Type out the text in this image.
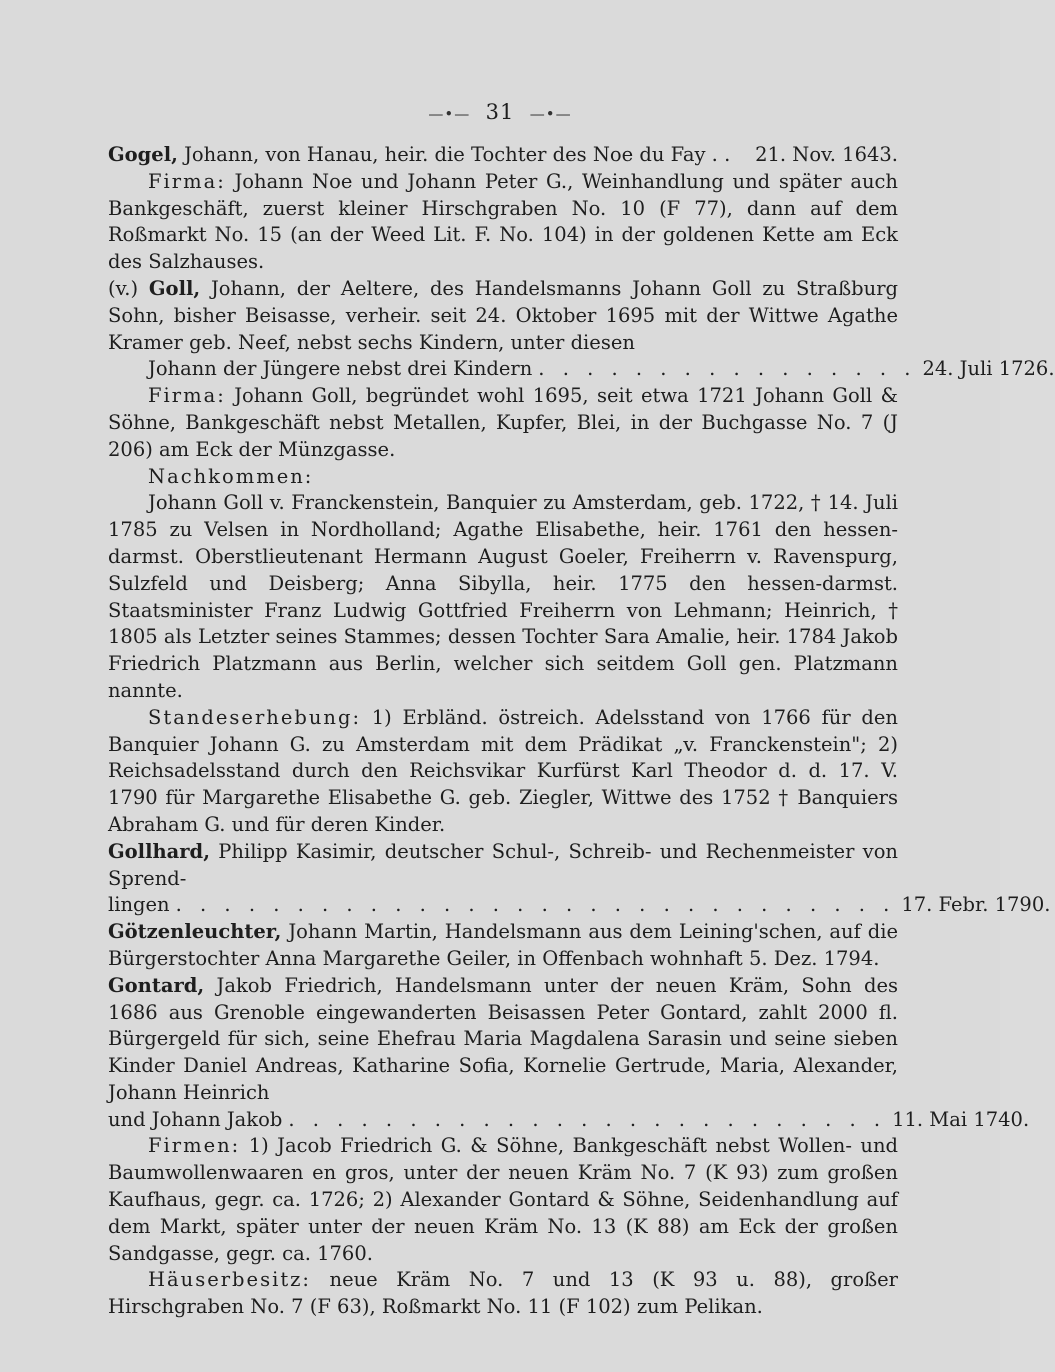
—•— 31 —•—
Gogel, Johann, von Hanau, heir. die Tochter des Noe du Fay . . 21. Nov. 1643.

Firma: Johann Noe und Johann Peter G., Weinhandlung und später auch Bankgeschäft, zuerst kleiner Hirschgraben No. 10 (F 77), dann auf dem Roßmarkt No. 15 (an der Weed Lit. F. No. 104) in der goldenen Kette am Eck des Salzhauses.

(v.) Goll, Johann, der Aeltere, des Handelsmanns Johann Goll zu Straßburg Sohn, bisher Beisasse, verheir. seit 24. Oktober 1695 mit der Wittwe Agathe Kramer geb. Neef, nebst sechs Kindern, unter diesen

Johann der Jüngere nebst drei Kindern . . . . . . . . . . . . . . . . 24. Juli 1726.

Firma: Johann Goll, begründet wohl 1695, seit etwa 1721 Johann Goll & Söhne, Bankgeschäft nebst Metallen, Kupfer, Blei, in der Buchgasse No. 7 (J 206) am Eck der Münzgasse.

Nachkommen:

Johann Goll v. Franckenstein, Banquier zu Amsterdam, geb. 1722, † 14. Juli 1785 zu Velsen in Nordholland; Agathe Elisabethe, heir. 1761 den hessen-darmst. Oberstlieutenant Hermann August Goeler, Freiherrn v. Ravenspurg, Sulzfeld und Deisberg; Anna Sibylla, heir. 1775 den hessen-darmst. Staatsminister Franz Ludwig Gottfried Freiherrn von Lehmann; Heinrich, † 1805 als Letzter seines Stammes; dessen Tochter Sara Amalie, heir. 1784 Jakob Friedrich Platzmann aus Berlin, welcher sich seitdem Goll gen. Platzmann nannte.

Standeserhebung: 1) Erbländ. östreich. Adelsstand von 1766 für den Banquier Johann G. zu Amsterdam mit dem Prädikat „v. Franckenstein"; 2) Reichsadelsstand durch den Reichsvikar Kurfürst Karl Theodor d. d. 17. V. 1790 für Margarethe Elisabethe G. geb. Ziegler, Wittwe des 1752 † Banquiers Abraham G. und für deren Kinder.

Gollhard, Philipp Kasimir, deutscher Schul-, Schreib- und Rechenmeister von Sprend-

lingen . . . . . . . . . . . . . . . . . . . . . . . . . . . . . . 17. Febr. 1790.

Götzenleuchter, Johann Martin, Handelsmann aus dem Leining'schen, auf die Bürgerstochter Anna Margarethe Geiler, in Offenbach wohnhaft 5. Dez. 1794.

Gontard, Jakob Friedrich, Handelsmann unter der neuen Kräm, Sohn des 1686 aus Grenoble eingewanderten Beisassen Peter Gontard, zahlt 2000 fl. Bürgergeld für sich, seine Ehefrau Maria Magdalena Sarasin und seine sieben Kinder Daniel Andreas, Katharine Sofia, Kornelie Gertrude, Maria, Alexander, Johann Heinrich

und Johann Jakob . . . . . . . . . . . . . . . . . . . . . . . . . 11. Mai 1740.

Firmen: 1) Jacob Friedrich G. & Söhne, Bankgeschäft nebst Wollen- und Baumwollenwaaren en gros, unter der neuen Kräm No. 7 (K 93) zum großen Kaufhaus, gegr. ca. 1726; 2) Alexander Gontard & Söhne, Seidenhandlung auf dem Markt, später unter der neuen Kräm No. 13 (K 88) am Eck der großen Sandgasse, gegr. ca. 1760.

Häuserbesitz: neue Kräm No. 7 und 13 (K 93 u. 88), großer Hirschgraben No. 7 (F 63), Roßmarkt No. 11 (F 102) zum Pelikan.
